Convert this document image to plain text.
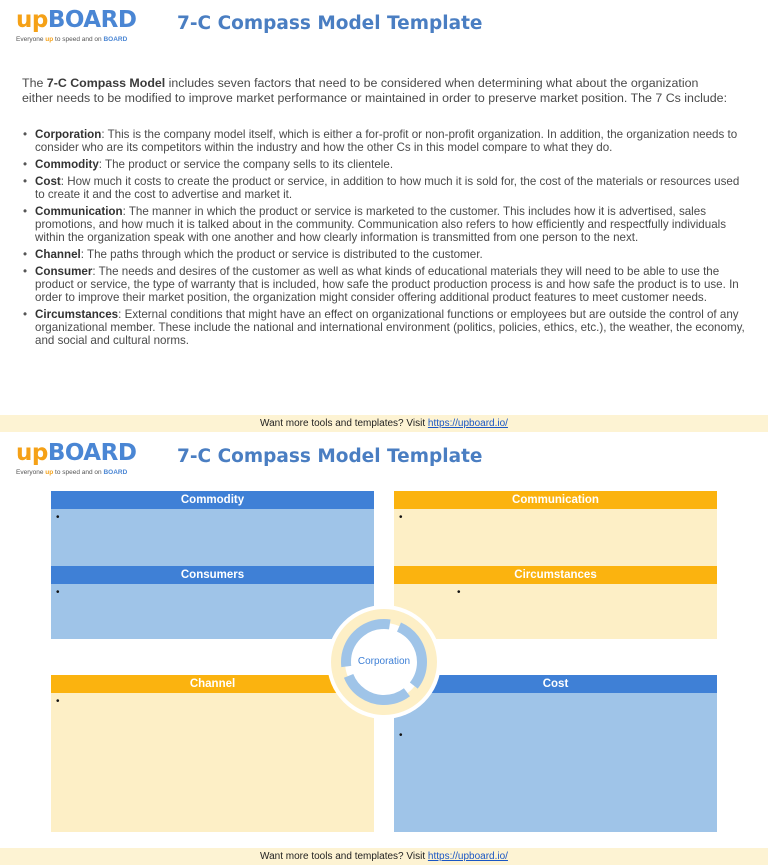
upBOARD
Everyone up to speed and on BOARD
7-C Compass Model Template
The 7-C Compass Model includes seven factors that need to be considered when determining what about the organization either needs to be modified to improve market performance or maintained in order to preserve market position. The 7 Cs include:
• Corporation: This is the company model itself, which is either a for-profit or non-profit organization. In addition, the organization needs to consider who are its competitors within the industry and how the other Cs in this model compare to what they do.
• Commodity: The product or service the company sells to its clientele.
• Cost: How much it costs to create the product or service, in addition to how much it is sold for, the cost of the materials or resources used to create it and the cost to advertise and market it.
• Communication: The manner in which the product or service is marketed to the customer. This includes how it is advertised, sales promotions, and how much it is talked about in the community. Communication also refers to how efficiently and respectfully individuals within the organization speak with one another and how clearly information is transmitted from one person to the next.
• Channel: The paths through which the product or service is distributed to the customer.
• Consumer: The needs and desires of the customer as well as what kinds of educational materials they will need to be able to use the product or service, the type of warranty that is included, how safe the product production process is and how safe the product is to use. In order to improve their market position, the organization might consider offering additional product features to meet customer needs.
• Circumstances: External conditions that might have an effect on organizational functions or employees but are outside the control of any organizational member. These include the national and international environment (politics, policies, ethics, etc.), the weather, the economy, and social and cultural norms.
Want more tools and templates? Visit https://upboard.io/
upBOARD
Everyone up to speed and on BOARD
7-C Compass Model Template
Commodity
•
Communication
•
Consumers
•
Circumstances
•
Channel
•
Cost
•
Corporation
Want more tools and templates? Visit https://upboard.io/
